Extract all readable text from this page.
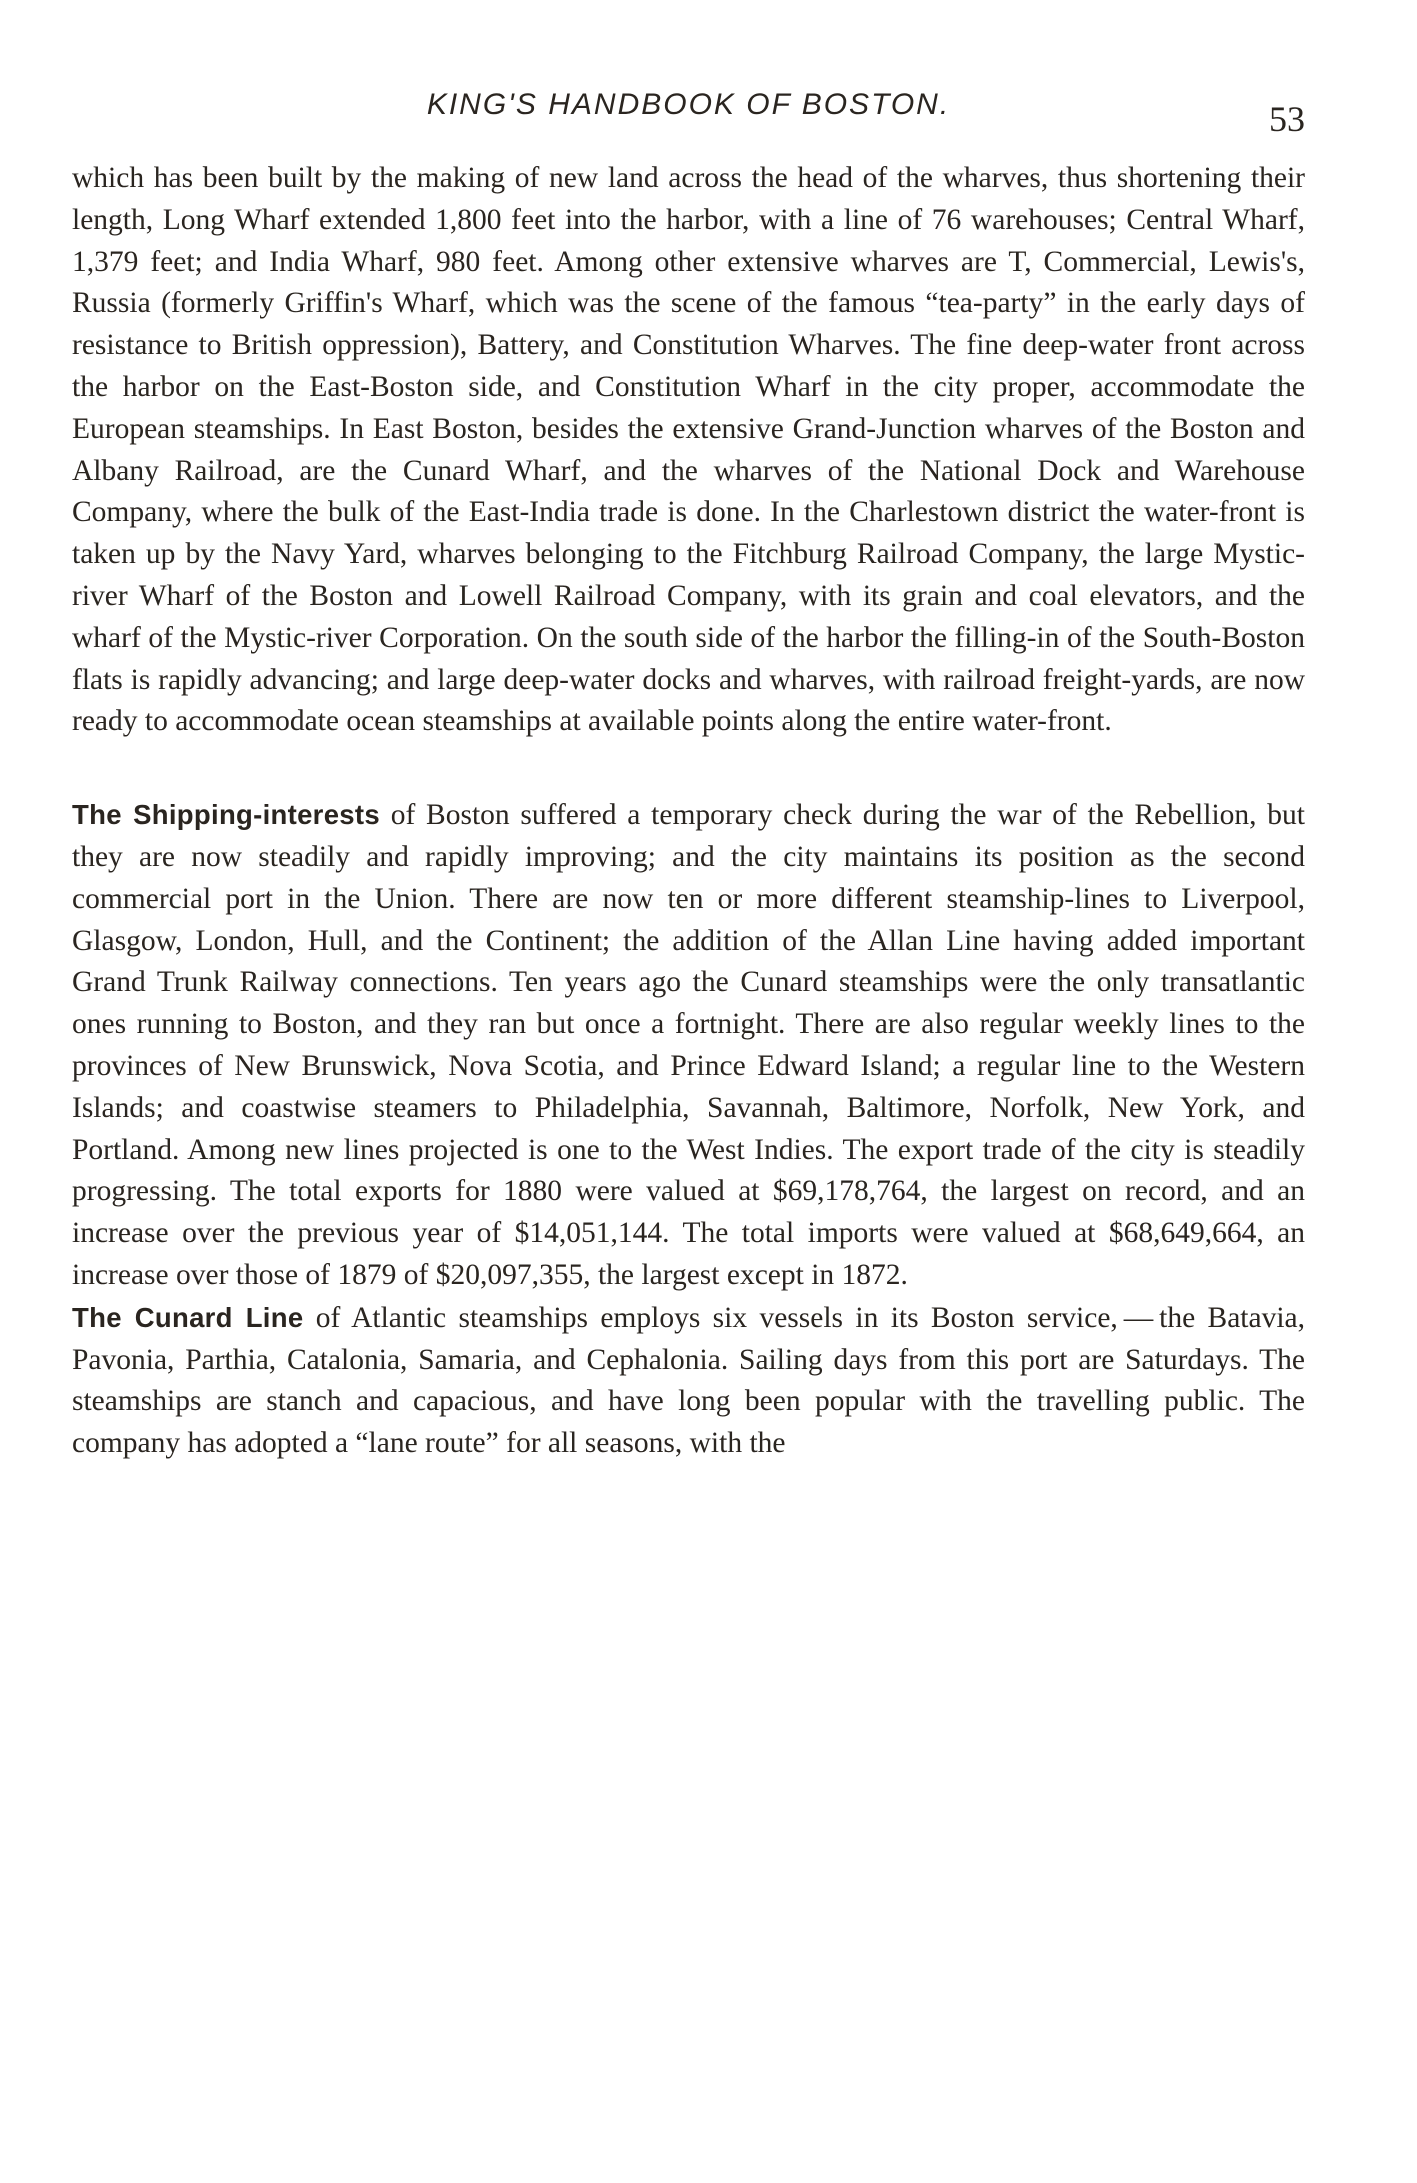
KING'S HANDBOOK OF BOSTON.	53

which has been built by the making of new land across the head of the wharves, thus shortening their length, Long Wharf extended 1,800 feet into the harbor, with a line of 76 warehouses; Central Wharf, 1,379 feet; and India Wharf, 980 feet. Among other extensive wharves are T, Commercial, Lewis's, Russia (formerly Griffin's Wharf, which was the scene of the famous “tea-party” in the early days of resistance to British oppression), Battery, and Constitution Wharves. The fine deep-water front across the harbor on the East-Boston side, and Constitution Wharf in the city proper, accommodate the European steamships. In East Boston, besides the extensive Grand-Junction wharves of the Boston and Albany Railroad, are the Cunard Wharf, and the wharves of the National Dock and Warehouse Company, where the bulk of the East-India trade is done. In the Charlestown district the water-front is taken up by the Navy Yard, wharves belonging to the Fitchburg Railroad Company, the large Mystic-river Wharf of the Boston and Lowell Railroad Company, with its grain and coal elevators, and the wharf of the Mystic-river Corporation. On the south side of the harbor the filling-in of the South-Boston flats is rapidly advancing; and large deep-water docks and wharves, with railroad freight-yards, are now ready to accommodate ocean steamships at available points along the entire water-front.

The Shipping-interests of Boston suffered a temporary check during the war of the Rebellion, but they are now steadily and rapidly improving; and the city maintains its position as the second commercial port in the Union. There are now ten or more different steamship-lines to Liverpool, Glasgow, London, Hull, and the Continent; the addition of the Allan Line having added important Grand Trunk Railway connections. Ten years ago the Cunard steamships were the only transatlantic ones running to Boston, and they ran but once a fortnight. There are also regular weekly lines to the provinces of New Brunswick, Nova Scotia, and Prince Edward Island; a regular line to the Western Islands; and coastwise steamers to Philadelphia, Savannah, Baltimore, Norfolk, New York, and Portland. Among new lines projected is one to the West Indies. The export trade of the city is steadily progressing. The total exports for 1880 were valued at $69,178,764, the largest on record, and an increase over the previous year of $14,051,144. The total imports were valued at $68,649,664, an increase over those of 1879 of $20,097,355, the largest except in 1872.

The Cunard Line of Atlantic steamships employs six vessels in its Boston service, — the Batavia, Pavonia, Parthia, Catalonia, Samaria, and Cephalonia. Sailing days from this port are Saturdays. The steamships are stanch and capacious, and have long been popular with the travelling public. The company has adopted a “lane route” for all seasons, with the
